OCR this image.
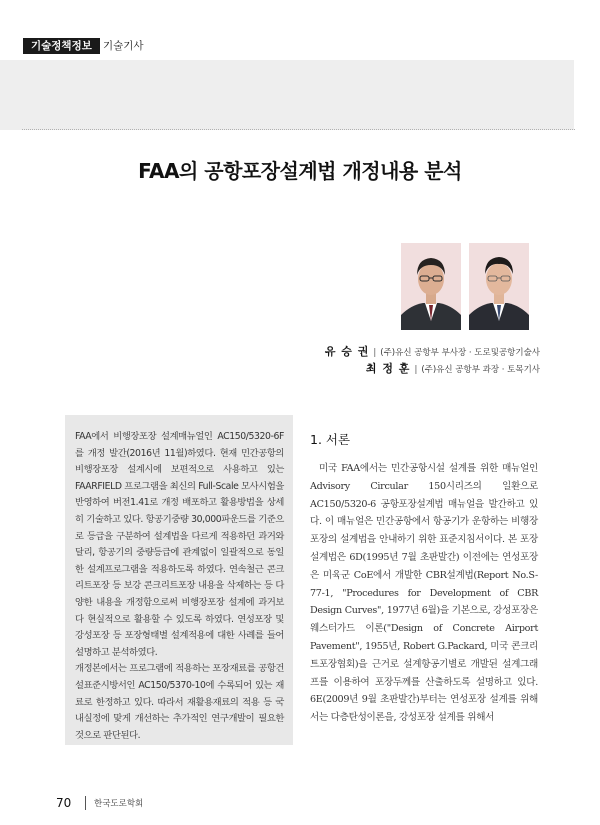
기술정책정보	기술기사
FAA의 공항포장설계법 개정내용 분석
유 승 권 | (주)유신 공항부 부사장 · 도로및공항기술사
최 정 훈 | (주)유신 공항부 과장 · 토목기사

FAA에서 비행장포장 설계매뉴얼인 AC150/5320-6F를 개정 발간(2016년 11월)하였다. 현재 민간공항의 비행장포장 설계시에 보편적으로 사용하고 있는 FAARFIELD 프로그램을 최신의 Full-Scale 모사시험을 반영하여 버전1.41로 개정 배포하고 활용방법을 상세히 기술하고 있다. 항공기중량 30,000파운드를 기준으로 등급을 구분하여 설계법을 다르게 적용하던 과거와 달리, 항공기의 중량등급에 관계없이 일괄적으로 동일한 설계프로그램을 적용하도록 하였다. 연속철근 콘크리트포장 등 보강 콘크리트포장 내용을 삭제하는 등 다양한 내용을 개정함으로써 비행장포장 설계에 과거보다 현실적으로 활용할 수 있도록 하였다. 연성포장 및 강성포장 등 포장형태별 설계적용에 대한 사례를 들어 설명하고 분석하였다.

개정본에서는 프로그램에 적용하는 포장재료를 공항건설표준시방서인 AC150/5370-10에 수록되어 있는 재료로 한정하고 있다. 따라서 재활용재료의 적용 등 국내실정에 맞게 개선하는 추가적인 연구개발이 필요한 것으로 판단된다.

1. 서론

미국 FAA에서는 민간공항시설 설계를 위한 매뉴얼인 Advisory Circular 150시리즈의 일환으로 AC150/5320-6 공항포장설계법 매뉴얼을 발간하고 있다. 이 매뉴얼은 민간공항에서 항공기가 운항하는 비행장포장의 설계법을 안내하기 위한 표준지침서이다. 본 포장설계법은 6D(1995년 7월 초판발간) 이전에는 연성포장은 미육군 CoE에서 개발한 CBR설계법(Report No.S-77-1, "Procedures for Development of CBR Design Curves", 1977년 6월)을 기본으로, 강성포장은 웨스터가드 이론("Design of Concrete Airport Pavement", 1955년, Robert G.Packard, 미국 콘크리트포장협회)을 근거로 설계항공기별로 개발된 설계그래프를 이용하여 포장두께를 산출하도록 설명하고 있다. 6E(2009년 9월 초판발간)부터는 연성포장 설계를 위해서는 다층탄성이론을, 강성포장 설계를 위해서

70	한국도로학회
